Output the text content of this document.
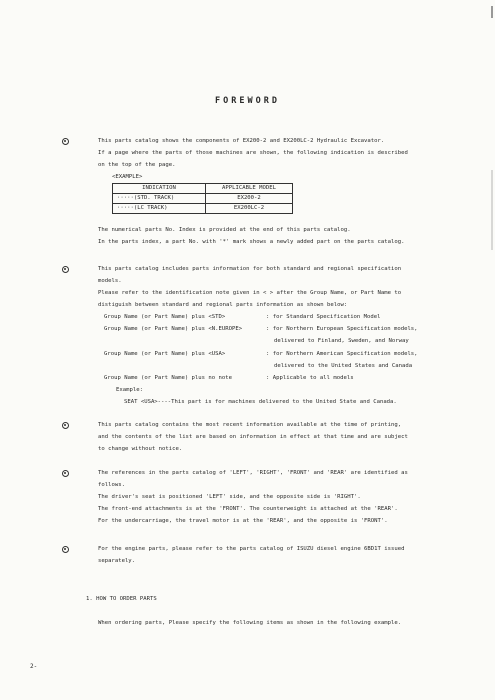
FOREWORD
This parts catalog shows the components of EX200-2 and EX200LC-2 Hydraulic Excavator.
If a page where the parts of those machines are shown, the following indication is described
on the top of the page.
<EXAMPLE>
INDICATION	APPLICABLE MODEL
·····(STD. TRACK)	EX200-2
·····(LC TRACK)	EX200LC-2
The numerical parts No. Index is provided at the end of this parts catalog.
In the parts index, a part No. with '*' mark shows a newly added part on the parts catalog.
This parts catalog includes parts information for both standard and regional specification
models.
Please refer to the identification note given in < > after the Group Name, or Part Name to
distiguish between standard and regional parts information as shown below:
Group Name (or Part Name) plus <STD>	: for Standard Specification Model
Group Name (or Part Name) plus <N.EUROPE>	: for Northern European Specification models,
delivered to Finland, Sweden, and Norway
Group Name (or Part Name) plus <USA>	: for Northern American Specification models,
delivered to the United States and Canada
Group Name (or Part Name) plus no note	: Applicable to all models
Example:
SEAT <USA>----This part is for machines delivered to the United State and Canada.
This parts catalog contains the most recent information available at the time of printing,
and the contents of the list are based on information in effect at that time and are subject
to change without notice.
The references in the parts catalog of 'LEFT', 'RIGHT', 'FRONT' and 'REAR' are identified as
follows.
The driver's seat is positioned 'LEFT' side, and the opposite side is 'RIGHT'.
The front-end attachments is at the 'FRONT'. The counterweight is attached at the 'REAR'.
For the undercarriage, the travel motor is at the 'REAR', and the opposite is 'FRONT'.
For the engine parts, please refer to the parts catalog of ISUZU diesel engine 6BD1T issued
separately.
1. HOW TO ORDER PARTS
When ordering parts, Please specify the following items as shown in the following example.
2-
